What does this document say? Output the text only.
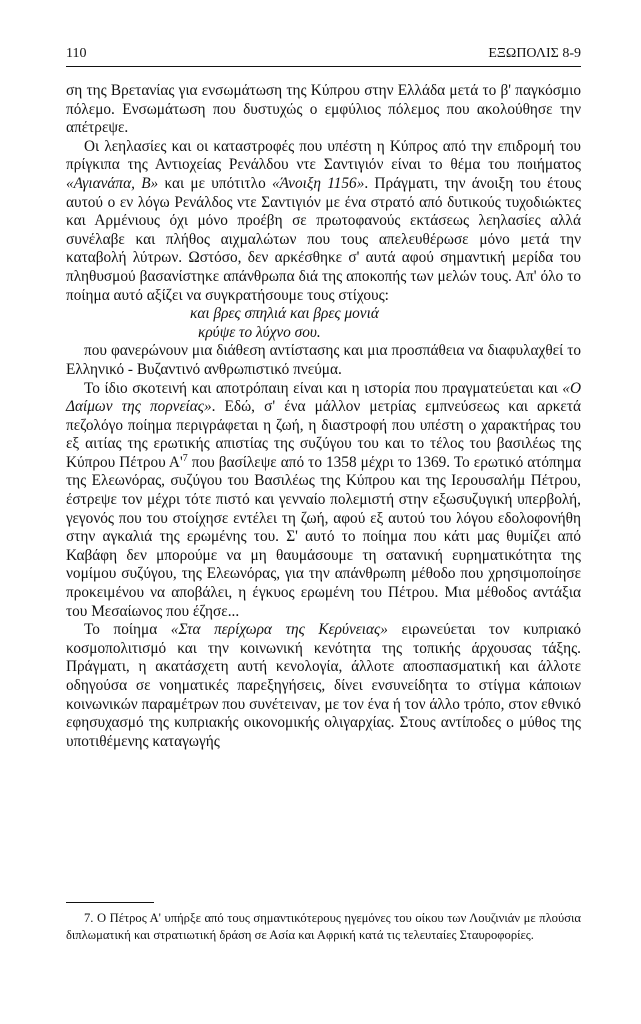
110	ΕΞΩΠΟΛΙΣ 8-9

ση της Βρετανίας για ενσωμάτωση της Κύπρου στην Ελλάδα μετά το β' παγκόσμιο πόλεμο. Ενσωμάτωση που δυστυχώς ο εμφύλιος πόλεμος που ακολούθησε την απέτρεψε.

Οι λεηλασίες και οι καταστροφές που υπέστη η Κύπρος από την επιδρομή του πρίγκιπα της Αντιοχείας Ρενάλδου ντε Σαντιγιόν είναι το θέμα του ποιήματος «Αγιανάπα, Β» και με υπότιτλο «Άνοιξη 1156». Πράγματι, την άνοιξη του έτους αυτού ο εν λόγω Ρενάλδος ντε Σαντιγιόν με ένα στρατό από δυτικούς τυχοδιώκτες και Αρμένιους όχι μόνο προέβη σε πρωτοφανούς εκτάσεως λεηλασίες αλλά συνέλαβε και πλήθος αιχμαλώτων που τους απελευθέρωσε μόνο μετά την καταβολή λύτρων. Ωστόσο, δεν αρκέσθηκε σ' αυτά αφού σημαντική μερίδα του πληθυσμού βασανίστηκε απάνθρωπα διά της αποκοπής των μελών τους. Απ' όλο το ποίημα αυτό αξίζει να συγκρατήσουμε τους στίχους:

και βρες σπηλιά και βρες μονιά
κρύψε το λύχνο σου.

που φανερώνουν μια διάθεση αντίστασης και μια προσπάθεια να διαφυλαχθεί το Ελληνικό - Βυζαντινό ανθρωπιστικό πνεύμα.

Το ίδιο σκοτεινή και αποτρόπαιη είναι και η ιστορία που πραγματεύεται και «Ο Δαίμων της πορνείας». Εδώ, σ' ένα μάλλον μετρίας εμπνεύσεως και αρκετά πεζολόγο ποίημα περιγράφεται η ζωή, η διαστροφή που υπέστη ο χαρακτήρας του εξ αιτίας της ερωτικής απιστίας της συζύγου του και το τέλος του βασιλέως της Κύπρου Πέτρου $A'^7$ που βασίλεψε από το 1358 μέχρι το 1369. Το ερωτικό ατόπημα της Ελεωνόρας, συζύγου του Βασιλέως της Κύπρου και της Ιερουσαλήμ Πέτρου, έστρεψε τον μέχρι τότε πιστό και γενναίο πολεμιστή στην εξωσυζυγική υπερβολή, γεγονός που του στοίχησε εντέλει τη ζωή, αφού εξ αυτού του λόγου εδολοφονήθη στην αγκαλιά της ερωμένης του. Σ' αυτό το ποίημα που κάτι μας θυμίζει από Καβάφη δεν μπορούμε να μη θαυμάσουμε τη σατανική ευρηματικότητα της νομίμου συζύγου, της Ελεωνόρας, για την απάνθρωπη μέθοδο που χρησιμοποίησε προκειμένου να αποβάλει, η έγκυος ερωμένη του Πέτρου. Μια μέθοδος αντάξια του Μεσαίωνος που έζησε...

Το ποίημα «Στα περίχωρα της Κερύνειας» ειρωνεύεται τον κυπριακό κοσμοπολιτισμό και την κοινωνική κενότητα της τοπικής άρχουσας τάξης. Πράγματι, η ακατάσχετη αυτή κενολογία, άλλοτε αποσπασματική και άλλοτε οδηγούσα σε νοηματικές παρεξηγήσεις, δίνει ενσυνείδητα το στίγμα κάποιων κοινωνικών παραμέτρων που συνέτειναν, με τον ένα ή τον άλλο τρόπο, στον εθνικό εφησυχασμό της κυπριακής οικονομικής ολιγαρχίας. Στους αντίποδες ο μύθος της υποτιθέμενης καταγωγής

7. Ο Πέτρος Α' υπήρξε από τους σημαντικότερους ηγεμόνες του οίκου των Λουζινιάν με πλούσια διπλωματική και στρατιωτική δράση σε Ασία και Αφρική κατά τις τελευταίες Σταυροφορίες.
